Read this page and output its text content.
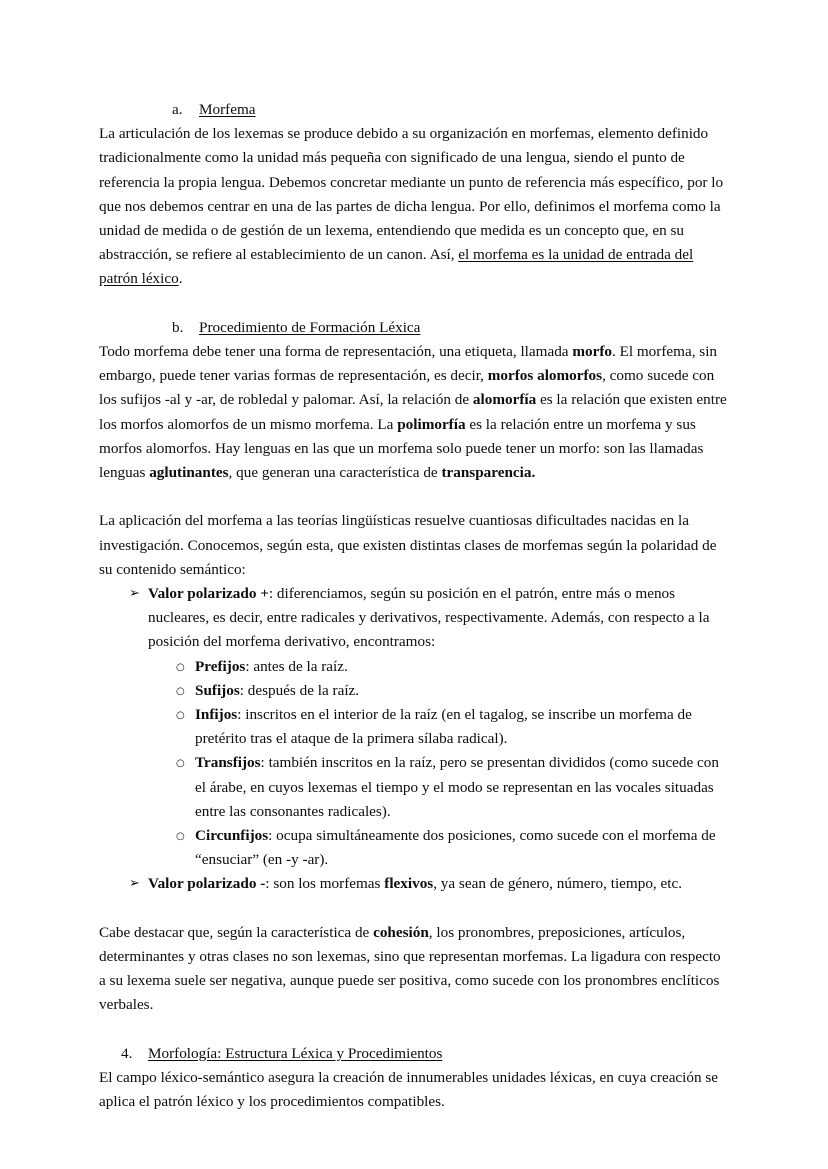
a. Morfema

La articulación de los lexemas se produce debido a su organización en morfemas, elemento definido tradicionalmente como la unidad más pequeña con significado de una lengua, siendo el punto de referencia la propia lengua. Debemos concretar mediante un punto de referencia más específico, por lo que nos debemos centrar en una de las partes de dicha lengua. Por ello, definimos el morfema como la unidad de medida o de gestión de un lexema, entendiendo que medida es un concepto que, en su abstracción, se refiere al establecimiento de un canon. Así, el morfema es la unidad de entrada del patrón léxico.

b. Procedimiento de Formación Léxica

Todo morfema debe tener una forma de representación, una etiqueta, llamada morfo. El morfema, sin embargo, puede tener varias formas de representación, es decir, morfos alomorfos, como sucede con los sufijos -al y -ar, de robledal y palomar. Así, la relación de alomorfía es la relación que existen entre los morfos alomorfos de un mismo morfema. La polimorfía es la relación entre un morfema y sus morfos alomorfos. Hay lenguas en las que un morfema solo puede tener un morfo: son las llamadas lenguas aglutinantes, que generan una característica de transparencia.

La aplicación del morfema a las teorías lingüísticas resuelve cuantiosas dificultades nacidas en la investigación. Conocemos, según esta, que existen distintas clases de morfemas según la polaridad de su contenido semántico:

➢ Valor polarizado +: diferenciamos, según su posición en el patrón, entre más o menos nucleares, es decir, entre radicales y derivativos, respectivamente. Además, con respecto a la posición del morfema derivativo, encontramos:
○ Prefijos: antes de la raíz.
○ Sufijos: después de la raíz.
○ Infijos: inscritos en el interior de la raíz (en el tagalog, se inscribe un morfema de pretérito tras el ataque de la primera sílaba radical).
○ Transfijos: también inscritos en la raíz, pero se presentan divididos (como sucede con el árabe, en cuyos lexemas el tiempo y el modo se representan en las vocales situadas entre las consonantes radicales).
○ Circunfijos: ocupa simultáneamente dos posiciones, como sucede con el morfema de “ensuciar” (en -y -ar).
➢ Valor polarizado -: son los morfemas flexivos, ya sean de género, número, tiempo, etc.

Cabe destacar que, según la característica de cohesión, los pronombres, preposiciones, artículos, determinantes y otras clases no son lexemas, sino que representan morfemas. La ligadura con respecto a su lexema suele ser negativa, aunque puede ser positiva, como sucede con los pronombres enclíticos verbales.

4. Morfología: Estructura Léxica y Procedimientos

El campo léxico-semántico asegura la creación de innumerables unidades léxicas, en cuya creación se aplica el patrón léxico y los procedimientos compatibles.
